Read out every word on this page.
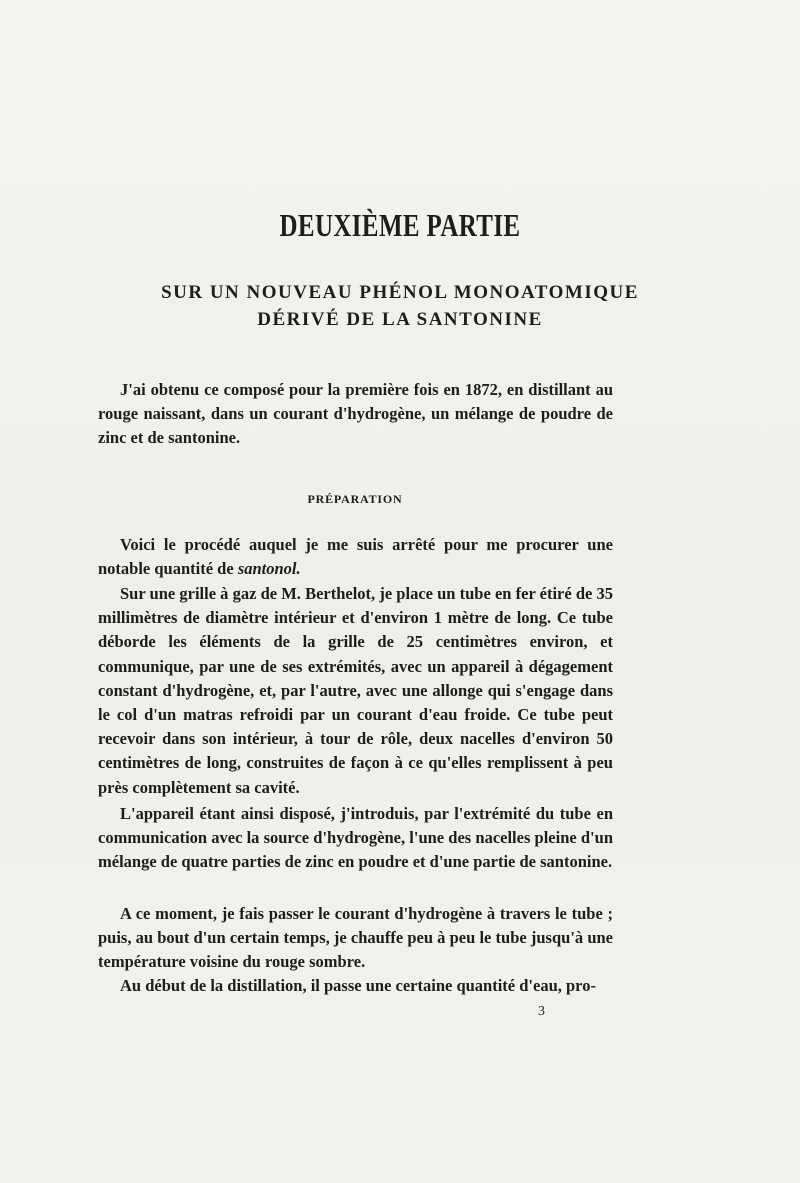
DEUXIÈME PARTIE
SUR UN NOUVEAU PHÉNOL MONOATOMIQUE
DÉRIVÉ DE LA SANTONINE

J'ai obtenu ce composé pour la première fois en 1872, en distillant au rouge naissant, dans un courant d'hydrogène, un mélange de poudre de zinc et de santonine.

PRÉPARATION

Voici le procédé auquel je me suis arrêté pour me procurer une notable quantité de santonol.

Sur une grille à gaz de M. Berthelot, je place un tube en fer étiré de 35 millimètres de diamètre intérieur et d'environ 1 mètre de long. Ce tube déborde les éléments de la grille de 25 centimètres environ, et communique, par une de ses extrémités, avec un appareil à dégagement constant d'hydrogène, et, par l'autre, avec une allonge qui s'engage dans le col d'un matras refroidi par un courant d'eau froide. Ce tube peut recevoir dans son intérieur, à tour de rôle, deux nacelles d'environ 50 centimètres de long, construites de façon à ce qu'elles remplissent à peu près complètement sa cavité.

L'appareil étant ainsi disposé, j'introduis, par l'extrémité du tube en communication avec la source d'hydrogène, l'une des nacelles pleine d'un mélange de quatre parties de zinc en poudre et d'une partie de santonine.

A ce moment, je fais passer le courant d'hydrogène à travers le tube ; puis, au bout d'un certain temps, je chauffe peu à peu le tube jusqu'à une température voisine du rouge sombre.

Au début de la distillation, il passe une certaine quantité d'eau, pro-

3
